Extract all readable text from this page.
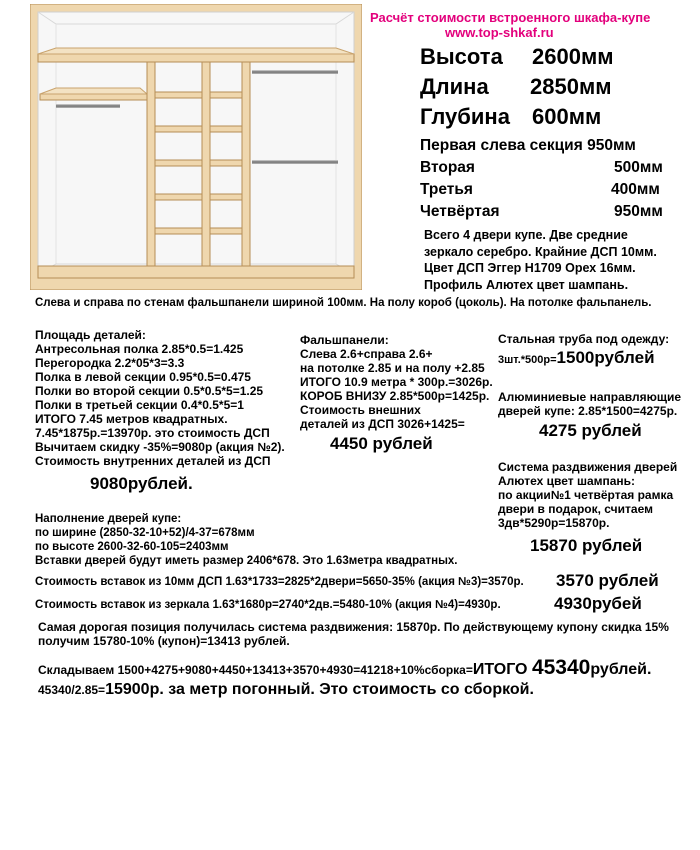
Расчёт стоимости встроенного шкафа-купе
www.top-shkaf.ru
Высота 2600мм
Длина 2850мм
Глубина 600мм
Первая слева секция 950мм
Вторая	500мм
Третья	400мм
Четвёртая	950мм
Всего 4 двери купе. Две средние
зеркало серебро. Крайние ДСП 10мм.
Цвет ДСП Эггер Н1709 Орех 16мм.
Профиль Алютех цвет шампань.
Слева и справа по стенам фальшпанели шириной 100мм. На полу короб (цоколь). На потолке фальпанель.
Площадь деталей:
Антресольная полка 2.85*0.5=1.425
Перегородка 2.2*05*3=3.3
Полка в левой секции 0.95*0.5=0.475
Полки во второй секции 0.5*0.5*5=1.25
Полки в третьей секции 0.4*0.5*5=1
ИТОГО 7.45 метров квадратных.
7.45*1875р.=13970р. это стоимость ДСП
Вычитаем скидку -35%=9080р (акция №2).
Стоимость внутренних деталей из ДСП
9080рублей.
Фальшпанели:
Слева 2.6+справа 2.6+
на потолке 2.85 и на полу +2.85
ИТОГО 10.9 метра * 300р.=3026р.
КОРОБ ВНИЗУ 2.85*500р=1425р.
Стоимость внешних
деталей из ДСП 3026+1425=
4450 рублей
Стальная труба под одежду:
3шт.*500р=1500рублей
Алюминиевые направляющие
дверей купе: 2.85*1500=4275р.
4275 рублей
Система раздвижения дверей
Алютех цвет шампань:
по акции№1 четвёртая рамка
двери в подарок, считаем
3дв*5290р=15870р.
15870 рублей
Наполнение дверей купе:
по ширине (2850-32-10+52)/4-37=678мм
по высоте 2600-32-60-105=2403мм
Вставки дверей будут иметь размер 2406*678. Это 1.63метра квадратных.
Стоимость вставок из 10мм ДСП 1.63*1733=2825*2двери=5650-35% (акция №3)=3570р. 3570 рублей
Стоимость вставок из зеркала 1.63*1680р=2740*2дв.=5480-10% (акция №4)=4930р.	4930рубей
Самая дорогая позиция получилась система раздвижения: 15870р. По действующему купону скидка 15%
получим 15780-10% (купон)=13413 рублей.
Складываем 1500+4275+9080+4450+13413+3570+4930=41218+10%сборка=ИТОГО 45340рублей.
45340/2.85=15900р. за метр погонный. Это стоимость со сборкой.
